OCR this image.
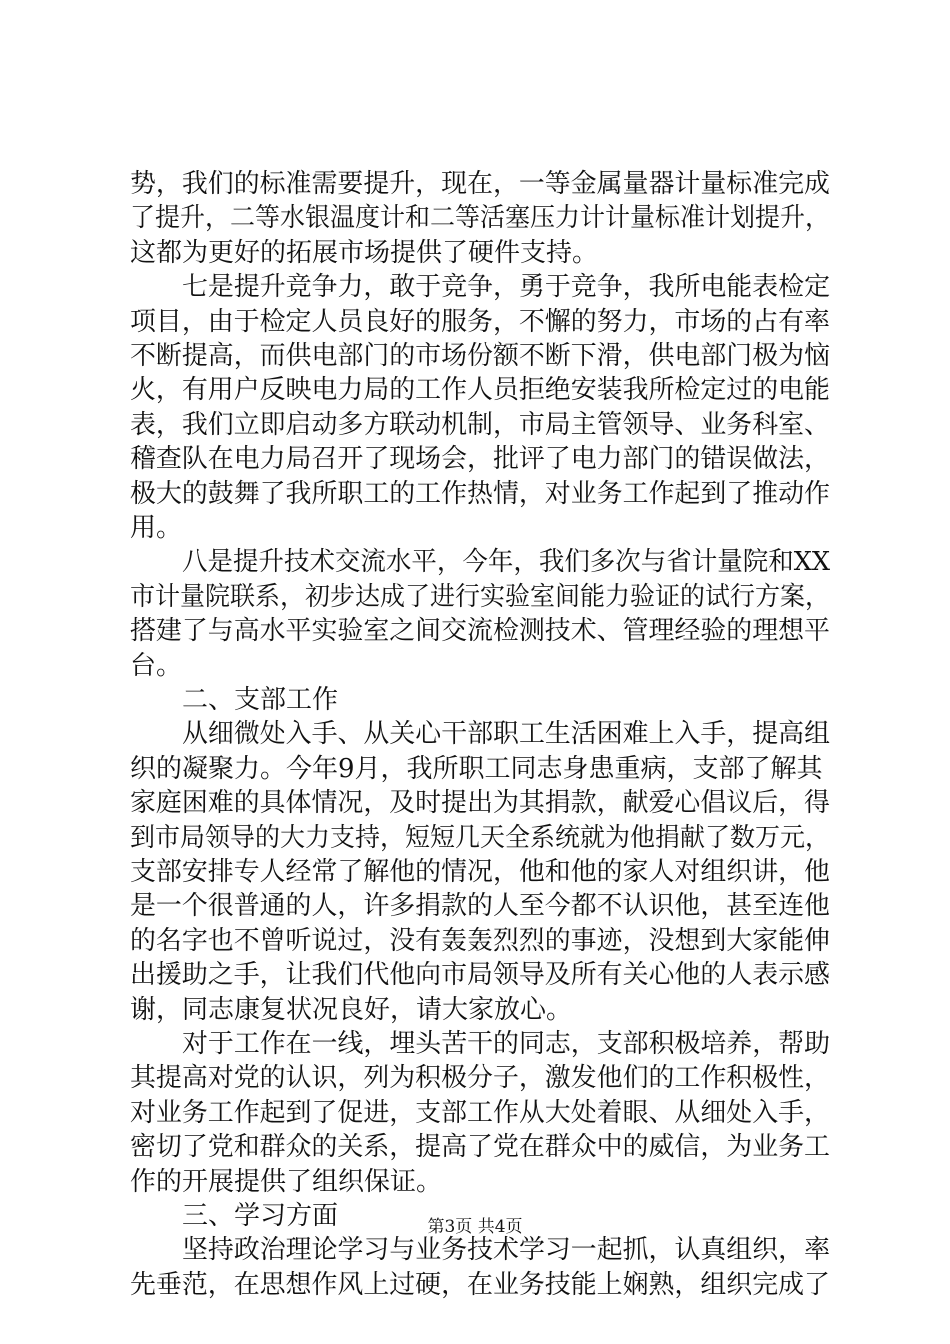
势，我们的标准需要提升，现在，一等金属量器计量标准完成
了提升，二等水银温度计和二等活塞压力计计量标准计划提升，
这都为更好的拓展市场提供了硬件支持。
七是提升竞争力，敢于竞争，勇于竞争，我所电能表检定
项目，由于检定人员良好的服务，不懈的努力，市场的占有率
不断提高，而供电部门的市场份额不断下滑，供电部门极为恼
火，有用户反映电力局的工作人员拒绝安装我所检定过的电能
表，我们立即启动多方联动机制，市局主管领导、业务科室、
稽查队在电力局召开了现场会，批评了电力部门的错误做法，
极大的鼓舞了我所职工的工作热情，对业务工作起到了推动作
用。
八是提升技术交流水平，今年，我们多次与省计量院和XX
市计量院联系，初步达成了进行实验室间能力验证的试行方案，
搭建了与高水平实验室之间交流检测技术、管理经验的理想平
台。
二、支部工作
从细微处入手、从关心干部职工生活困难上入手，提高组
织的凝聚力。今年9月，我所职工同志身患重病，支部了解其
家庭困难的具体情况，及时提出为其捐款，献爱心倡议后，得
到市局领导的大力支持，短短几天全系统就为他捐献了数万元，
支部安排专人经常了解他的情况，他和他的家人对组织讲，他
是一个很普通的人，许多捐款的人至今都不认识他，甚至连他
的名字也不曾听说过，没有轰轰烈烈的事迹，没想到大家能伸
出援助之手，让我们代他向市局领导及所有关心他的人表示感
谢，同志康复状况良好，请大家放心。
对于工作在一线，埋头苦干的同志，支部积极培养，帮助
其提高对党的认识，列为积极分子，激发他们的工作积极性，
对业务工作起到了促进，支部工作从大处着眼、从细处入手，
密切了党和群众的关系，提高了党在群众中的威信，为业务工
作的开展提供了组织保证。
三、学习方面
坚持政治理论学习与业务技术学习一起抓，认真组织，率
先垂范，在思想作风上过硬，在业务技能上娴熟，组织完成了
第3页 共4页
